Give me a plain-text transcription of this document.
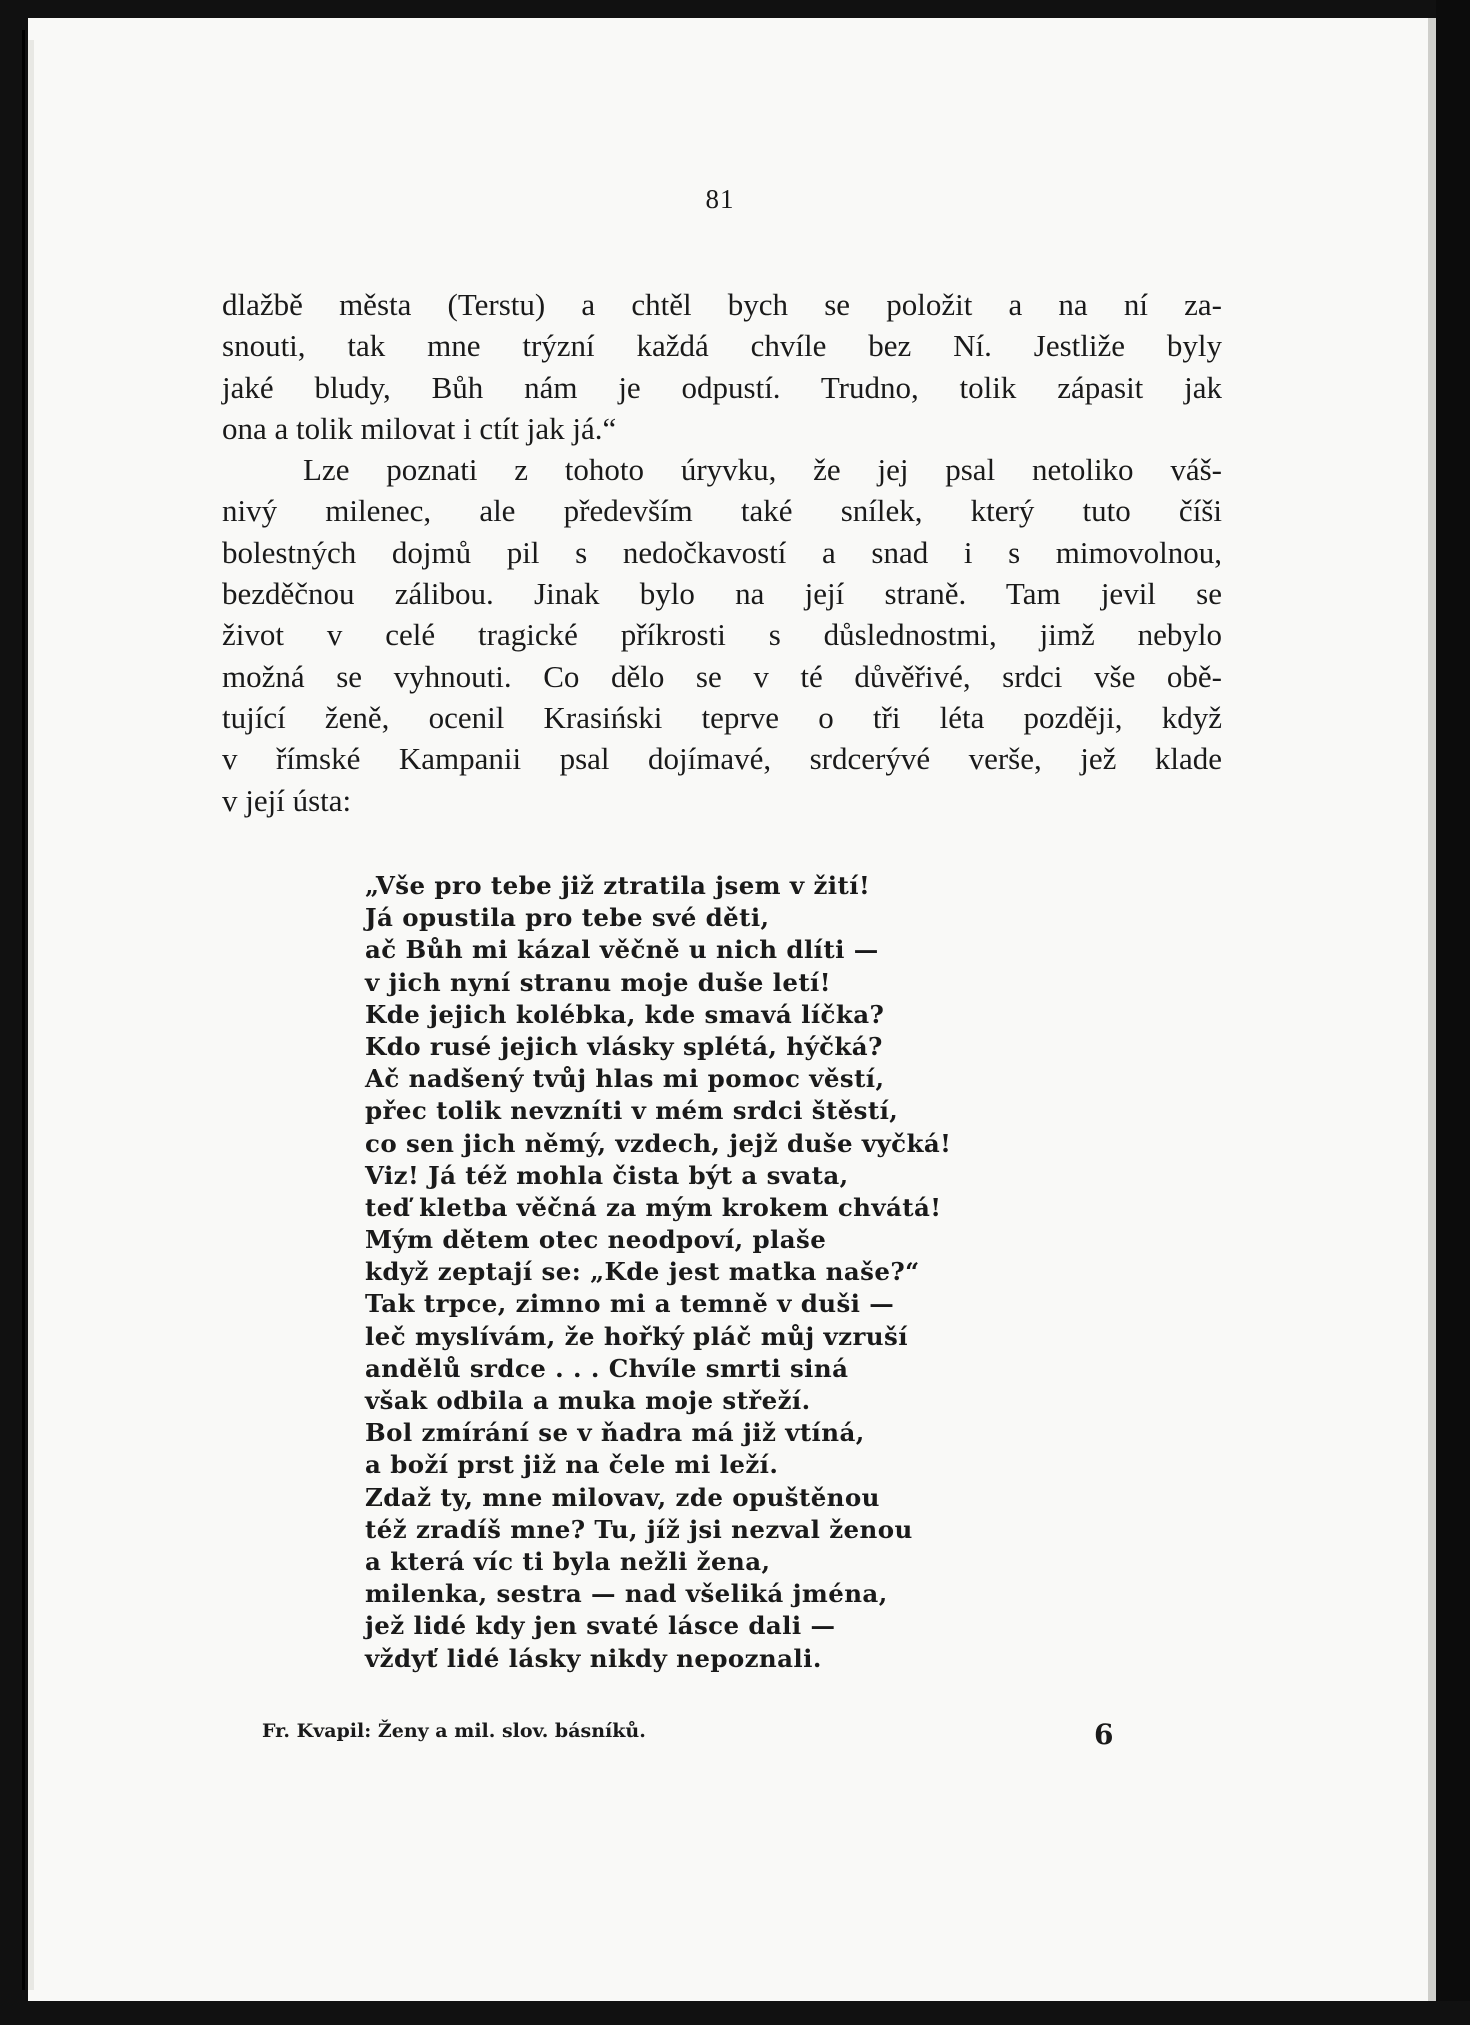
81
dlažbě města (Terstu) a chtěl bych se položit a na ní za-
snouti, tak mne trýzní každá chvíle bez Ní. Jestliže byly
jaké bludy, Bůh nám je odpustí. Trudno, tolik zápasit jak
ona a tolik milovat i ctít jak já.“
Lze poznati z tohoto úryvku, že jej psal netoliko váš-
nivý milenec, ale především také snílek, který tuto číši
bolestných dojmů pil s nedočkavostí a snad i s mimovolnou,
bezděčnou zálibou. Jinak bylo na její straně. Tam jevil se
život v celé tragické příkrosti s důslednostmi, jimž nebylo
možná se vyhnouti. Co dělo se v té důvěřivé, srdci vše obě-
tující ženě, ocenil Krasiński teprve o tři léta později, když
v římské Kampanii psal dojímavé, srdcerývé verše, jež klade
v její ústa:
„Vše pro tebe již ztratila jsem v žití!
Já opustila pro tebe své děti,
ač Bůh mi kázal věčně u nich dlíti —
v jich nyní stranu moje duše letí!
Kde jejich kolébka, kde smavá líčka?
Kdo rusé jejich vlásky splétá, hýčká?
Ač nadšený tvůj hlas mi pomoc věstí,
přec tolik nevzníti v mém srdci štěstí,
co sen jich němý, vzdech, jejž duše vyčká!
Viz! Já též mohla čista být a svata,
teď kletba věčná za mým krokem chvátá!
Mým dětem otec neodpoví, plaše
když zeptají se: „Kde jest matka naše?“
Tak trpce, zimno mi a temně v duši —
leč myslívám, že hořký pláč můj vzruší
andělů srdce . . . Chvíle smrti siná
však odbila a muka moje střeží.
Bol zmírání se v ňadra má již vtíná,
a boží prst již na čele mi leží.
Zdaž ty, mne milovav, zde opuštěnou
též zradíš mne? Tu, jíž jsi nezval ženou
a která víc ti byla nežli žena,
milenka, sestra — nad všeliká jména,
jež lidé kdy jen svaté lásce dali —
vždyť lidé lásky nikdy nepoznali.
Fr. Kvapil: Ženy a mil. slov. básníků.	6
